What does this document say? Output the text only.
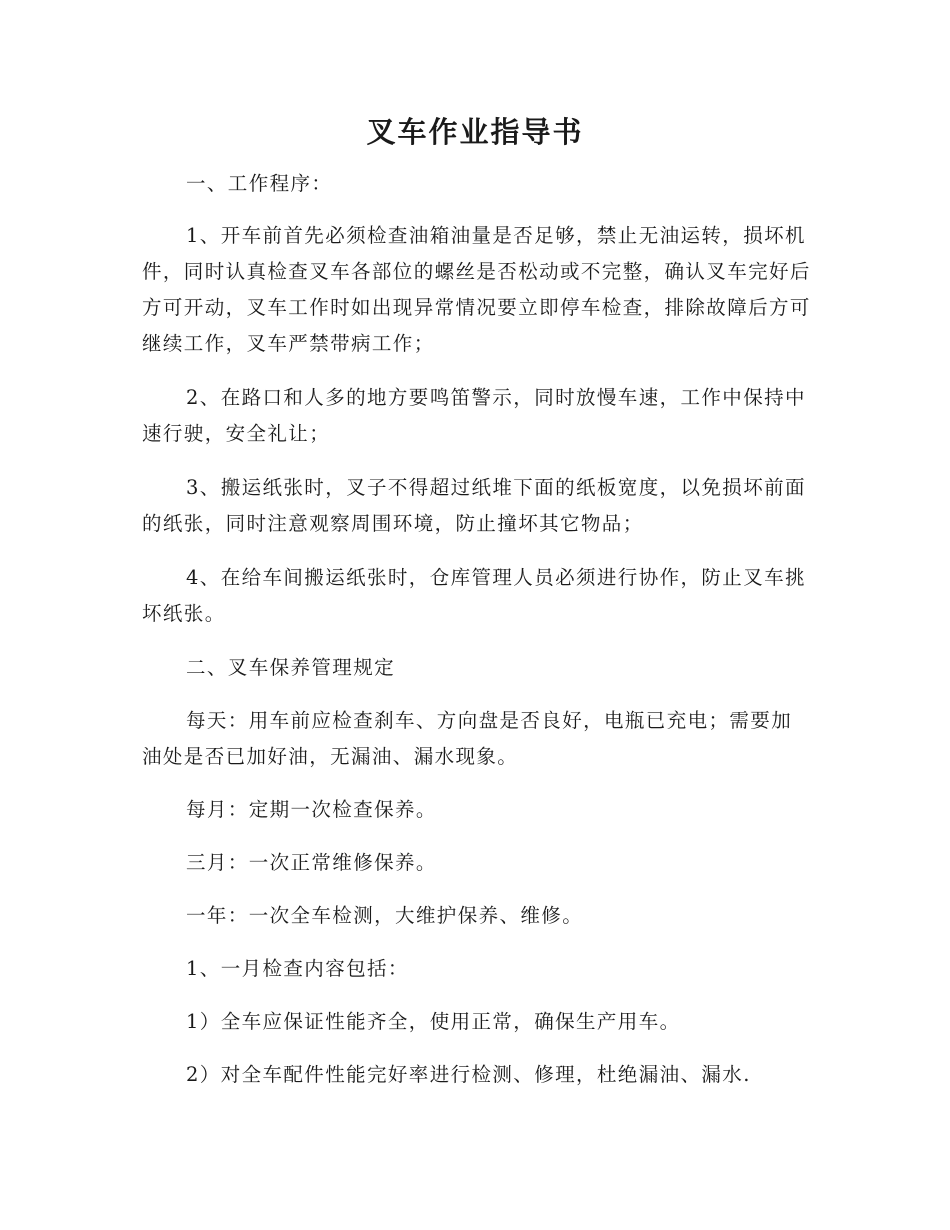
叉车作业指导书
一、工作程序：
1、开车前首先必须检查油箱油量是否足够，禁止无油运转，损坏机件，同时认真检查叉车各部位的螺丝是否松动或不完整，确认叉车完好后方可开动，叉车工作时如出现异常情况要立即停车检查，排除故障后方可继续工作，叉车严禁带病工作；
2、在路口和人多的地方要鸣笛警示，同时放慢车速，工作中保持中速行驶，安全礼让；
3、搬运纸张时，叉子不得超过纸堆下面的纸板宽度，以免损坏前面的纸张，同时注意观察周围环境，防止撞坏其它物品；
4、在给车间搬运纸张时，仓库管理人员必须进行协作，防止叉车挑坏纸张。
二、叉车保养管理规定
每天：用车前应检查刹车、方向盘是否良好，电瓶已充电；需要加油处是否已加好油，无漏油、漏水现象。
每月：定期一次检查保养。
三月：一次正常维修保养。
一年：一次全车检测，大维护保养、维修。
1、一月检查内容包括：
1）全车应保证性能齐全，使用正常，确保生产用车。
2）对全车配件性能完好率进行检测、修理，杜绝漏油、漏水.
